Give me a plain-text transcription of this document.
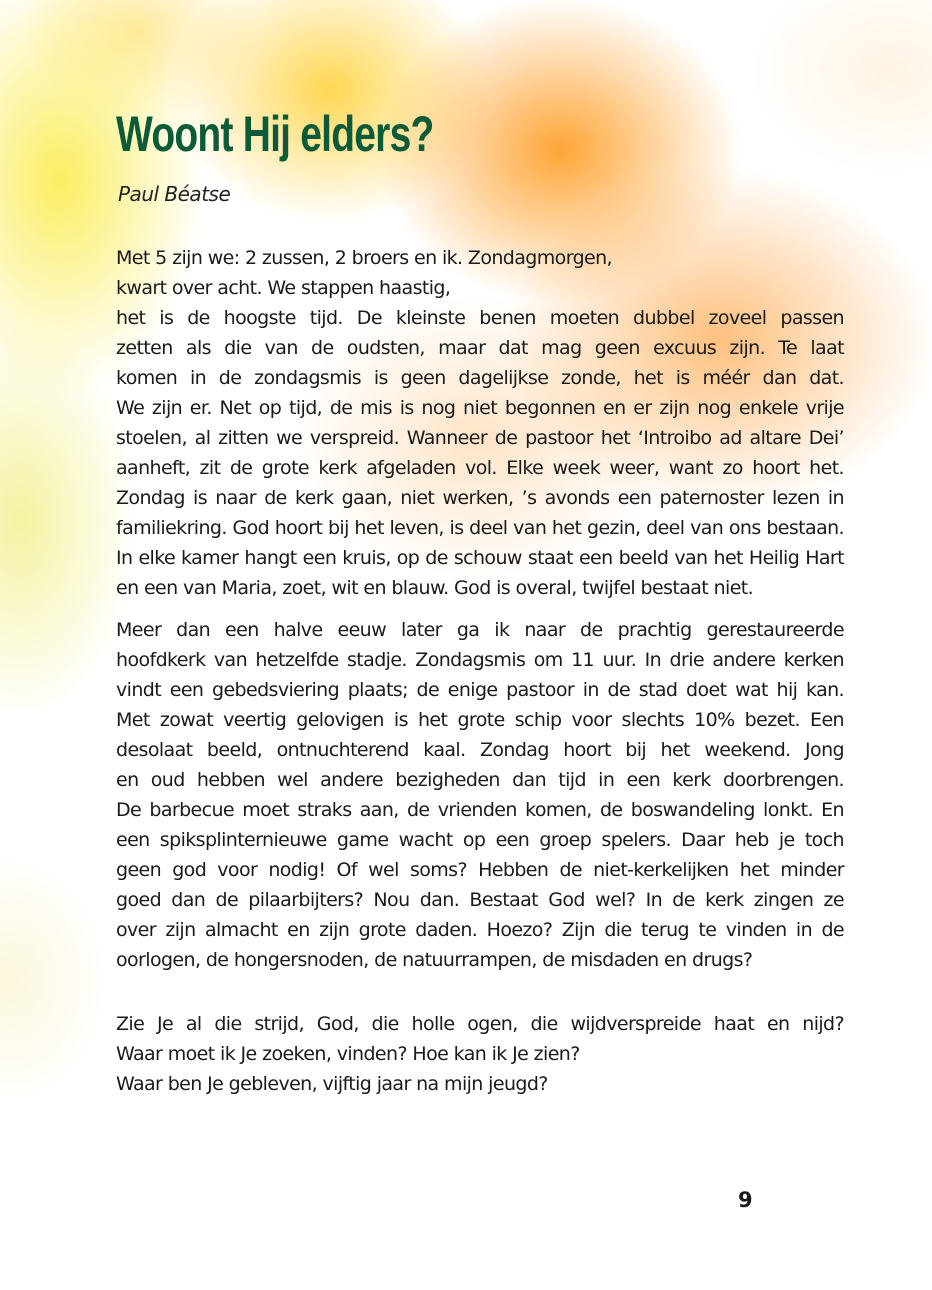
Woont Hij elders?

Paul Béatse

Met 5 zijn we: 2 zussen, 2 broers en ik. Zondagmorgen,
kwart over acht. We stappen haastig,
het is de hoogste tijd. De kleinste benen moeten dubbel zoveel passen
zetten als die van de oudsten, maar dat mag geen excuus zijn. Te laat
komen in de zondagsmis is geen dagelijkse zonde, het is méér dan dat.
We zijn er. Net op tijd, de mis is nog niet begonnen en er zijn nog enkele vrije
stoelen, al zitten we verspreid. Wanneer de pastoor het ‘Introibo ad altare Dei’
aanheft, zit de grote kerk afgeladen vol. Elke week weer, want zo hoort het.
Zondag is naar de kerk gaan, niet werken, ’s avonds een paternoster lezen in
familiekring. God hoort bij het leven, is deel van het gezin, deel van ons bestaan.
In elke kamer hangt een kruis, op de schouw staat een beeld van het Heilig Hart
en een van Maria, zoet, wit en blauw. God is overal, twijfel bestaat niet.

Meer dan een halve eeuw later ga ik naar de prachtig gerestaureerde
hoofdkerk van hetzelfde stadje. Zondagsmis om 11 uur. In drie andere kerken
vindt een gebedsviering plaats; de enige pastoor in de stad doet wat hij kan.
Met zowat veertig gelovigen is het grote schip voor slechts 10% bezet. Een
desolaat beeld, ontnuchterend kaal. Zondag hoort bij het weekend. Jong
en oud hebben wel andere bezigheden dan tijd in een kerk doorbrengen.
De barbecue moet straks aan, de vrienden komen, de boswandeling lonkt. En
een spiksplinternieuwe game wacht op een groep spelers. Daar heb je toch
geen god voor nodig! Of wel soms? Hebben de niet-kerkelijken het minder
goed dan de pilaarbijters? Nou dan. Bestaat God wel? In de kerk zingen ze
over zijn almacht en zijn grote daden. Hoezo? Zijn die terug te vinden in de
oorlogen, de hongersnoden, de natuurrampen, de misdaden en drugs?

Zie Je al die strijd, God, die holle ogen, die wijdverspreide haat en nijd?
Waar moet ik Je zoeken, vinden? Hoe kan ik Je zien?
Waar ben Je gebleven, vijftig jaar na mijn jeugd?

9
